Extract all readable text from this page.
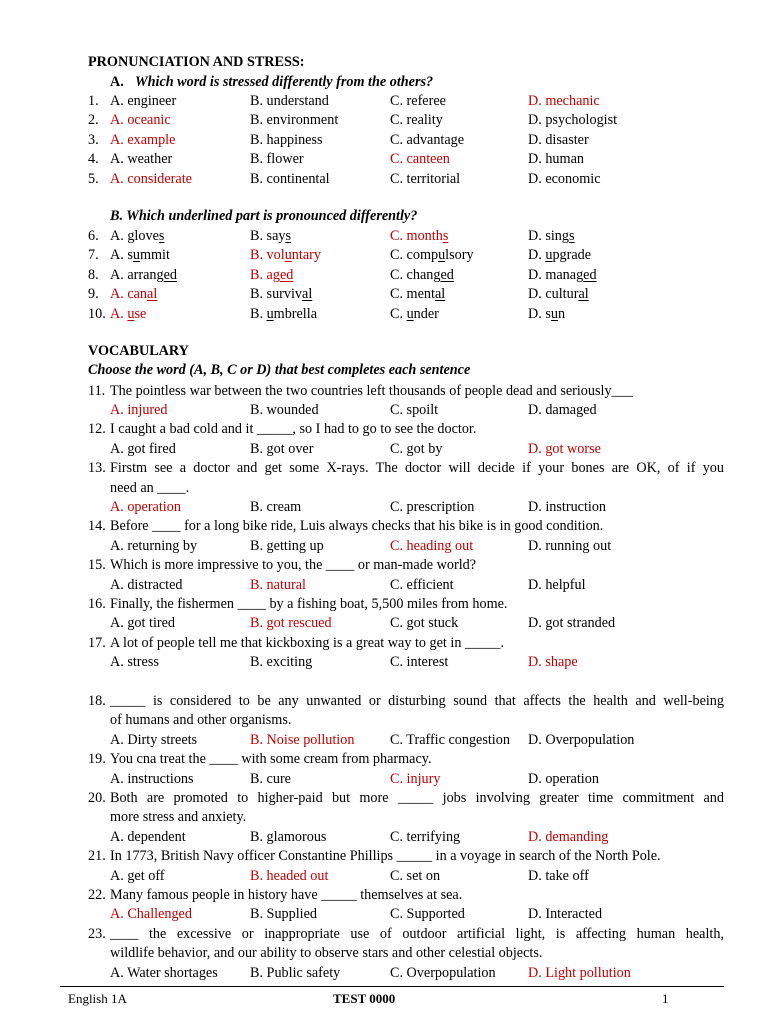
PRONUNCIATION AND STRESS:
A. Which word is stressed differently from the others?
1. A. engineer	B. understand	C. referee	D. mechanic
2. A. oceanic	B. environment	C. reality	D. psychologist
3. A. example	B. happiness	C. advantage	D. disaster
4. A. weather	B. flower	C. canteen	D. human
5. A. considerate	B. continental	C. territorial	D. economic
B. Which underlined part is pronounced differently?
6. A. gloves	B. says	C. months	D. sings
7. A. summit	B. voluntary	C. compulsory	D. upgrade
8. A. arranged	B. aged	C. changed	D. managed
9. A. canal	B. survival	C. mental	D. cultural
10. A. use	B. umbrella	C. under	D. sun
VOCABULARY
Choose the word (A, B, C or D) that best completes each sentence
11. The pointless war between the two countries left thousands of people dead and seriously___
A. injured	B. wounded	C. spoilt	D. damaged
12. I caught a bad cold and it _____, so I had to go to see the doctor.
A. got fired	B. got over	C. got by	D. got worse
13. Firstm see a doctor and get some X-rays. The doctor will decide if your bones are OK, of if you
need an ____.
A. operation	B. cream	C. prescription	D. instruction
14. Before ____ for a long bike ride, Luis always checks that his bike is in good condition.
A. returning by	B. getting up	C. heading out	D. running out
15. Which is more impressive to you, the ____ or man-made world?
A. distracted	B. natural	C. efficient	D. helpful
16. Finally, the fishermen ____ by a fishing boat, 5,500 miles from home.
A. got tired	B. got rescued	C. got stuck	D. got stranded
17. A lot of people tell me that kickboxing is a great way to get in _____.
A. stress	B. exciting	C. interest	D. shape
18. _____ is considered to be any unwanted or disturbing sound that affects the health and well-being
of humans and other organisms.
A. Dirty streets	B. Noise pollution	C. Traffic congestion D. Overpopulation
19. You cna treat the ____ with some cream from pharmacy.
A. instructions	B. cure	C. injury	D. operation
20. Both are promoted to higher-paid but more _____ jobs involving greater time commitment and
more stress and anxiety.
A. dependent	B. glamorous	C. terrifying	D. demanding
21. In 1773, British Navy officer Constantine Phillips _____ in a voyage in search of the North Pole.
A. get off	B. headed out	C. set on	D. take off
22. Many famous people in history have _____ themselves at sea.
A. Challenged	B. Supplied	C. Supported	D. Interacted
23. ____ the excessive or inappropriate use of outdoor artificial light, is affecting human health,
wildlife behavior, and our ability to observe stars and other celestial objects.
A. Water shortages B. Public safety	C. Overpopulation D. Light pollution
English 1A	TEST 0000	1
